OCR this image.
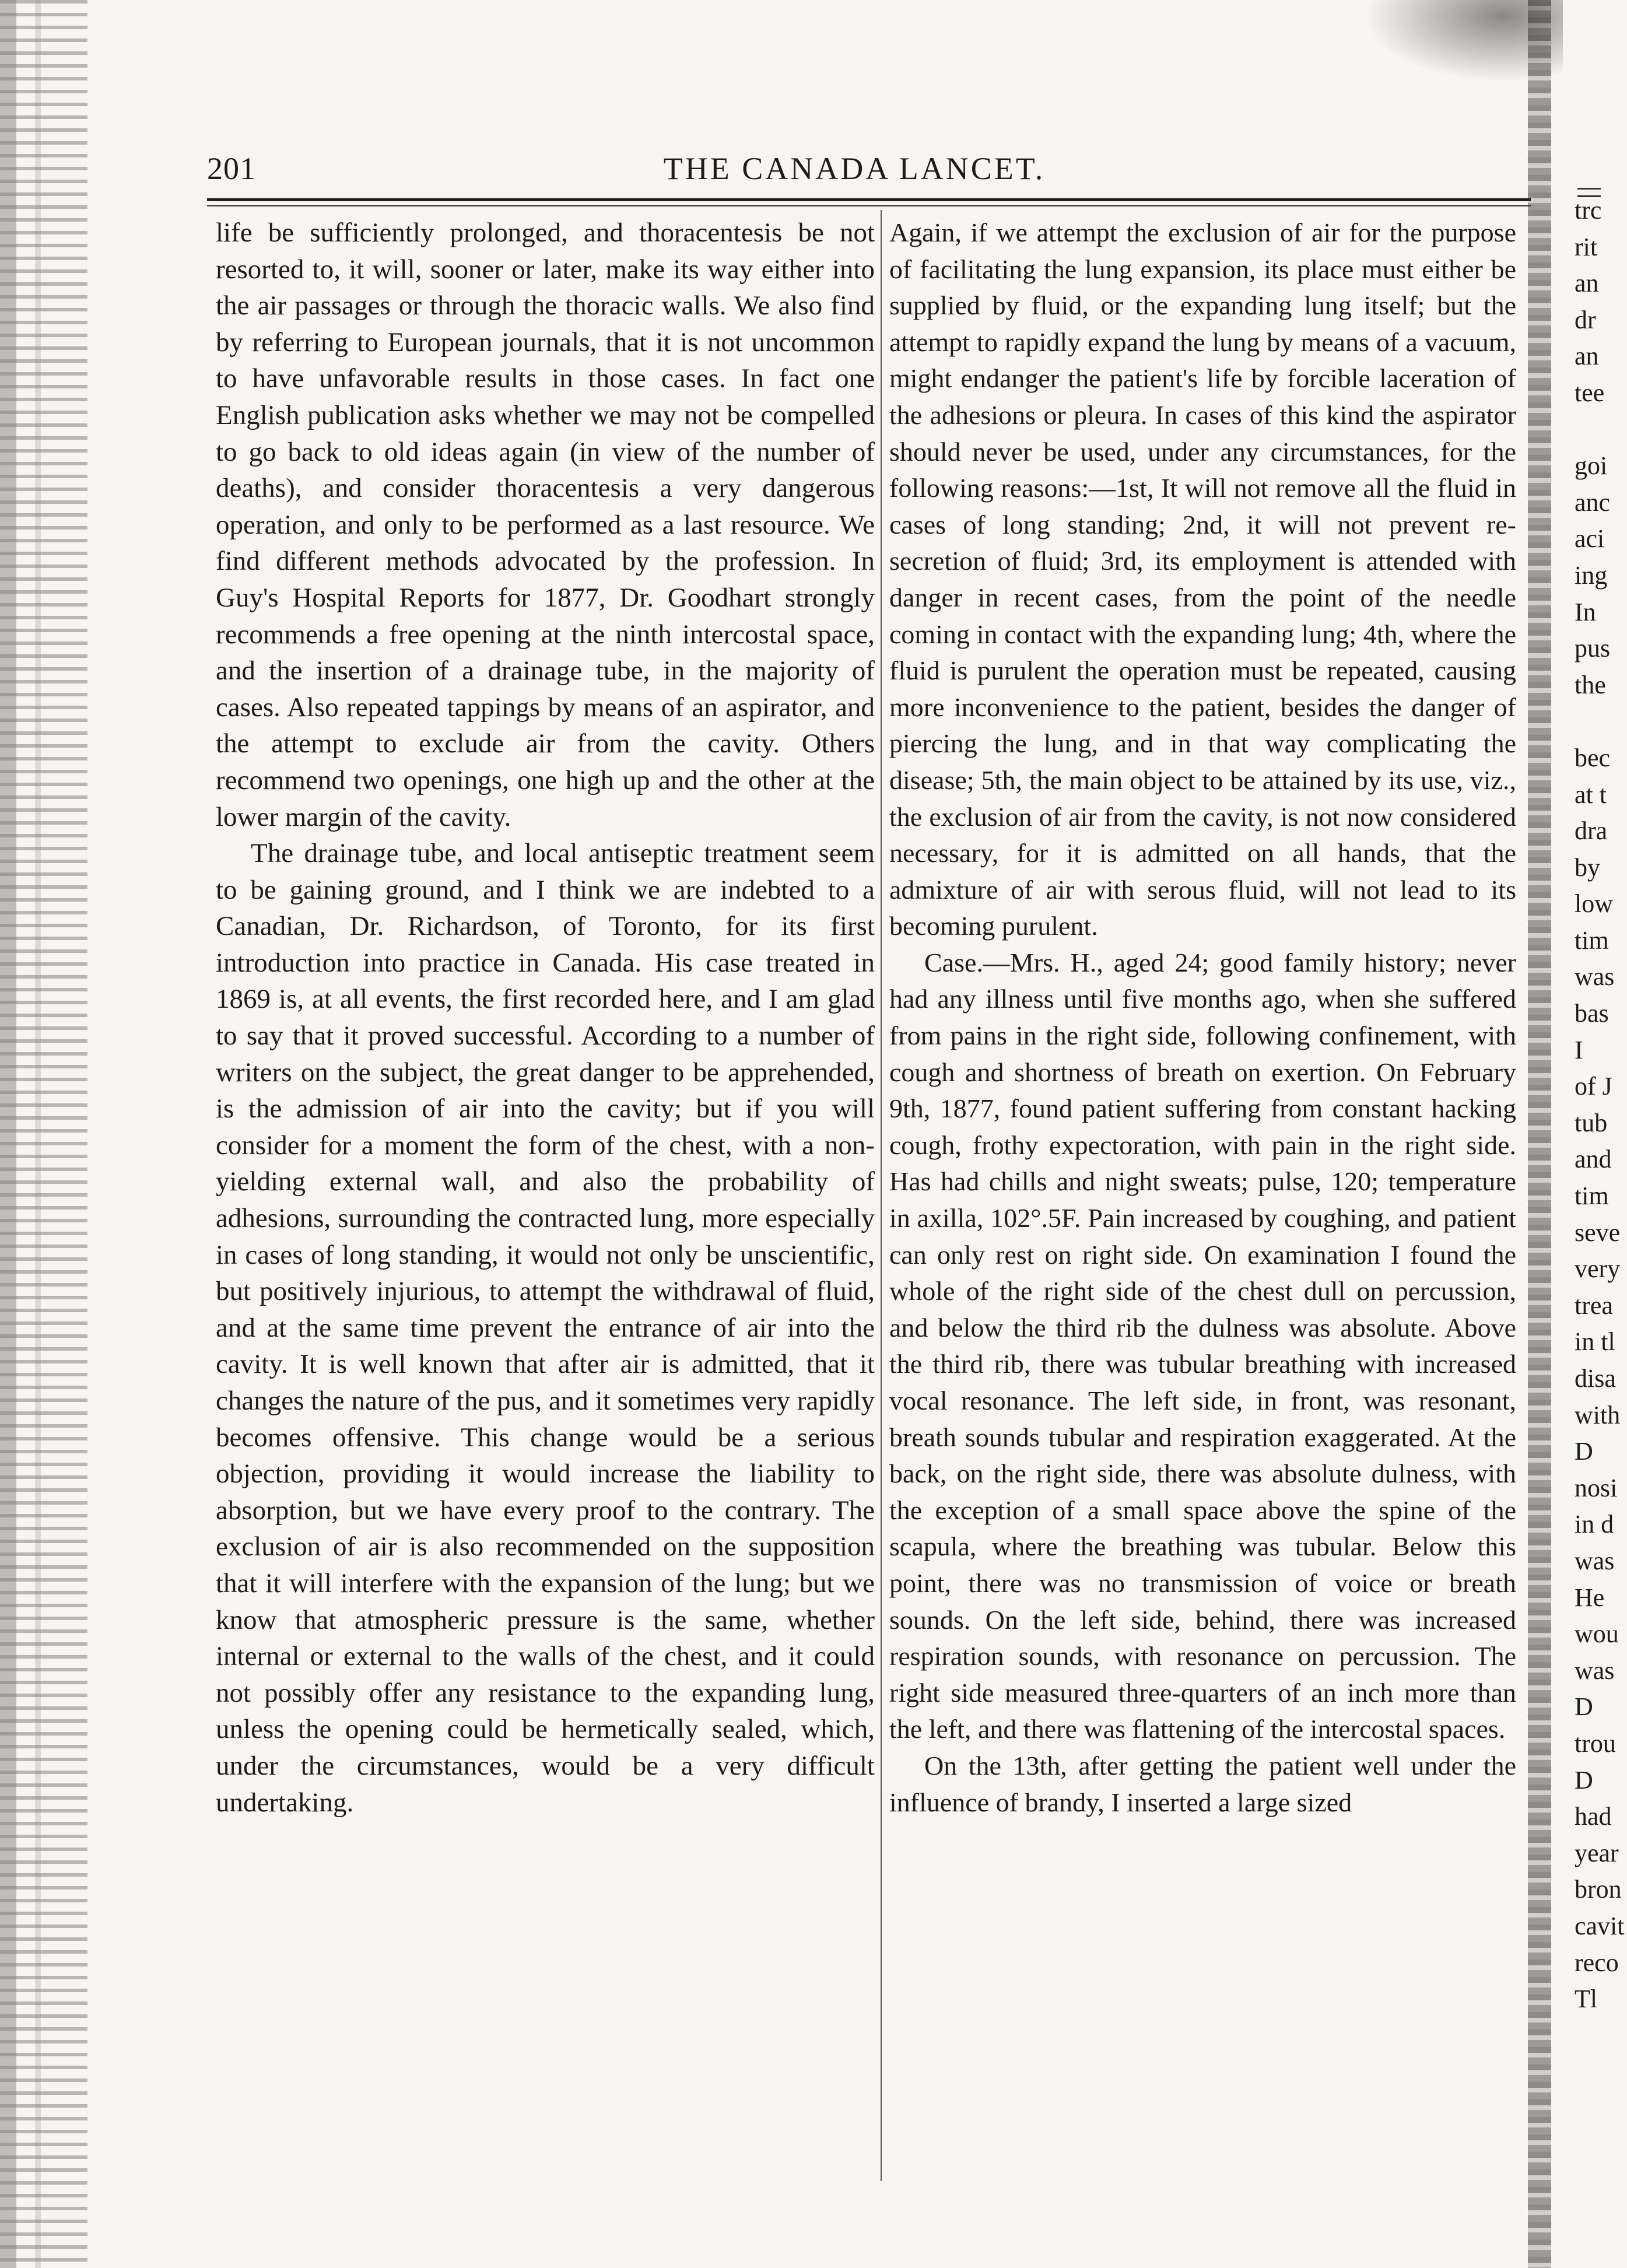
201	THE CANADA LANCET.

life be sufficiently prolonged, and thoracentesis be not resorted to, it will, sooner or later, make its way either into the air passages or through the thoracic walls. We also find by referring to European journals, that it is not uncommon to have unfavorable results in those cases. In fact one English publication asks whether we may not be compelled to go back to old ideas again (in view of the number of deaths), and consider thoracentesis a very dangerous operation, and only to be performed as a last resource. We find different methods advocated by the profession. In Guy's Hospital Reports for 1877, Dr. Goodhart strongly recommends a free opening at the ninth intercostal space, and the insertion of a drainage tube, in the majority of cases. Also repeated tappings by means of an aspirator, and the attempt to exclude air from the cavity. Others recommend two openings, one high up and the other at the lower margin of the cavity.

The drainage tube, and local antiseptic treatment seem to be gaining ground, and I think we are indebted to a Canadian, Dr. Richardson, of Toronto, for its first introduction into practice in Canada. His case treated in 1869 is, at all events, the first recorded here, and I am glad to say that it proved successful. According to a number of writers on the subject, the great danger to be apprehended, is the admission of air into the cavity; but if you will consider for a moment the form of the chest, with a non-yielding external wall, and also the probability of adhesions, surrounding the contracted lung, more especially in cases of long standing, it would not only be unscientific, but positively injurious, to attempt the withdrawal of fluid, and at the same time prevent the entrance of air into the cavity. It is well known that after air is admitted, that it changes the nature of the pus, and it sometimes very rapidly becomes offensive. This change would be a serious objection, providing it would increase the liability to absorption, but we have every proof to the contrary. The exclusion of air is also recommended on the supposition that it will interfere with the expansion of the lung; but we know that atmospheric pressure is the same, whether internal or external to the walls of the chest, and it could not possibly offer any resistance to the expanding lung, unless the opening could be hermetically sealed, which, under the circumstances, would be a very difficult undertaking.

Again, if we attempt the exclusion of air for the purpose of facilitating the lung expansion, its place must either be supplied by fluid, or the expanding lung itself; but the attempt to rapidly expand the lung by means of a vacuum, might endanger the patient's life by forcible laceration of the adhesions or pleura. In cases of this kind the aspirator should never be used, under any circumstances, for the following reasons:—1st, It will not remove all the fluid in cases of long standing; 2nd, it will not prevent re-secretion of fluid; 3rd, its employment is attended with danger in recent cases, from the point of the needle coming in contact with the expanding lung; 4th, where the fluid is purulent the operation must be repeated, causing more inconvenience to the patient, besides the danger of piercing the lung, and in that way complicating the disease; 5th, the main object to be attained by its use, viz., the exclusion of air from the cavity, is not now considered necessary, for it is admitted on all hands, that the admixture of air with serous fluid, will not lead to its becoming purulent.

Case.—Mrs. H., aged 24; good family history; never had any illness until five months ago, when she suffered from pains in the right side, following confinement, with cough and shortness of breath on exertion. On February 9th, 1877, found patient suffering from constant hacking cough, frothy expectoration, with pain in the right side. Has had chills and night sweats; pulse, 120; temperature in axilla, 102°.5F. Pain increased by coughing, and patient can only rest on right side. On examination I found the whole of the right side of the chest dull on percussion, and below the third rib the dulness was absolute. Above the third rib, there was tubular breathing with increased vocal resonance. The left side, in front, was resonant, breath sounds tubular and respiration exaggerated. At the back, on the right side, there was absolute dulness, with the exception of a small space above the spine of the scapula, where the breathing was tubular. Below this point, there was no transmission of voice or breath sounds. On the left side, behind, there was increased respiration sounds, with resonance on percussion. The right side measured three-quarters of an inch more than the left, and there was flattening of the intercostal spaces.

On the 13th, after getting the patient well under the influence of brandy, I inserted a large sized

trc
rit
an
dr
an
tee
goi
anc
aci
ing
In
pus
the
bec
at t
dra
by
low
tim
was
bas
I
of J
tub
and
tim
seve
very
trea
in tl
disa
with
D
nosi
in d
was
He
wou
was
D
trou
D
had
year
bron
cavit
reco
Tl
